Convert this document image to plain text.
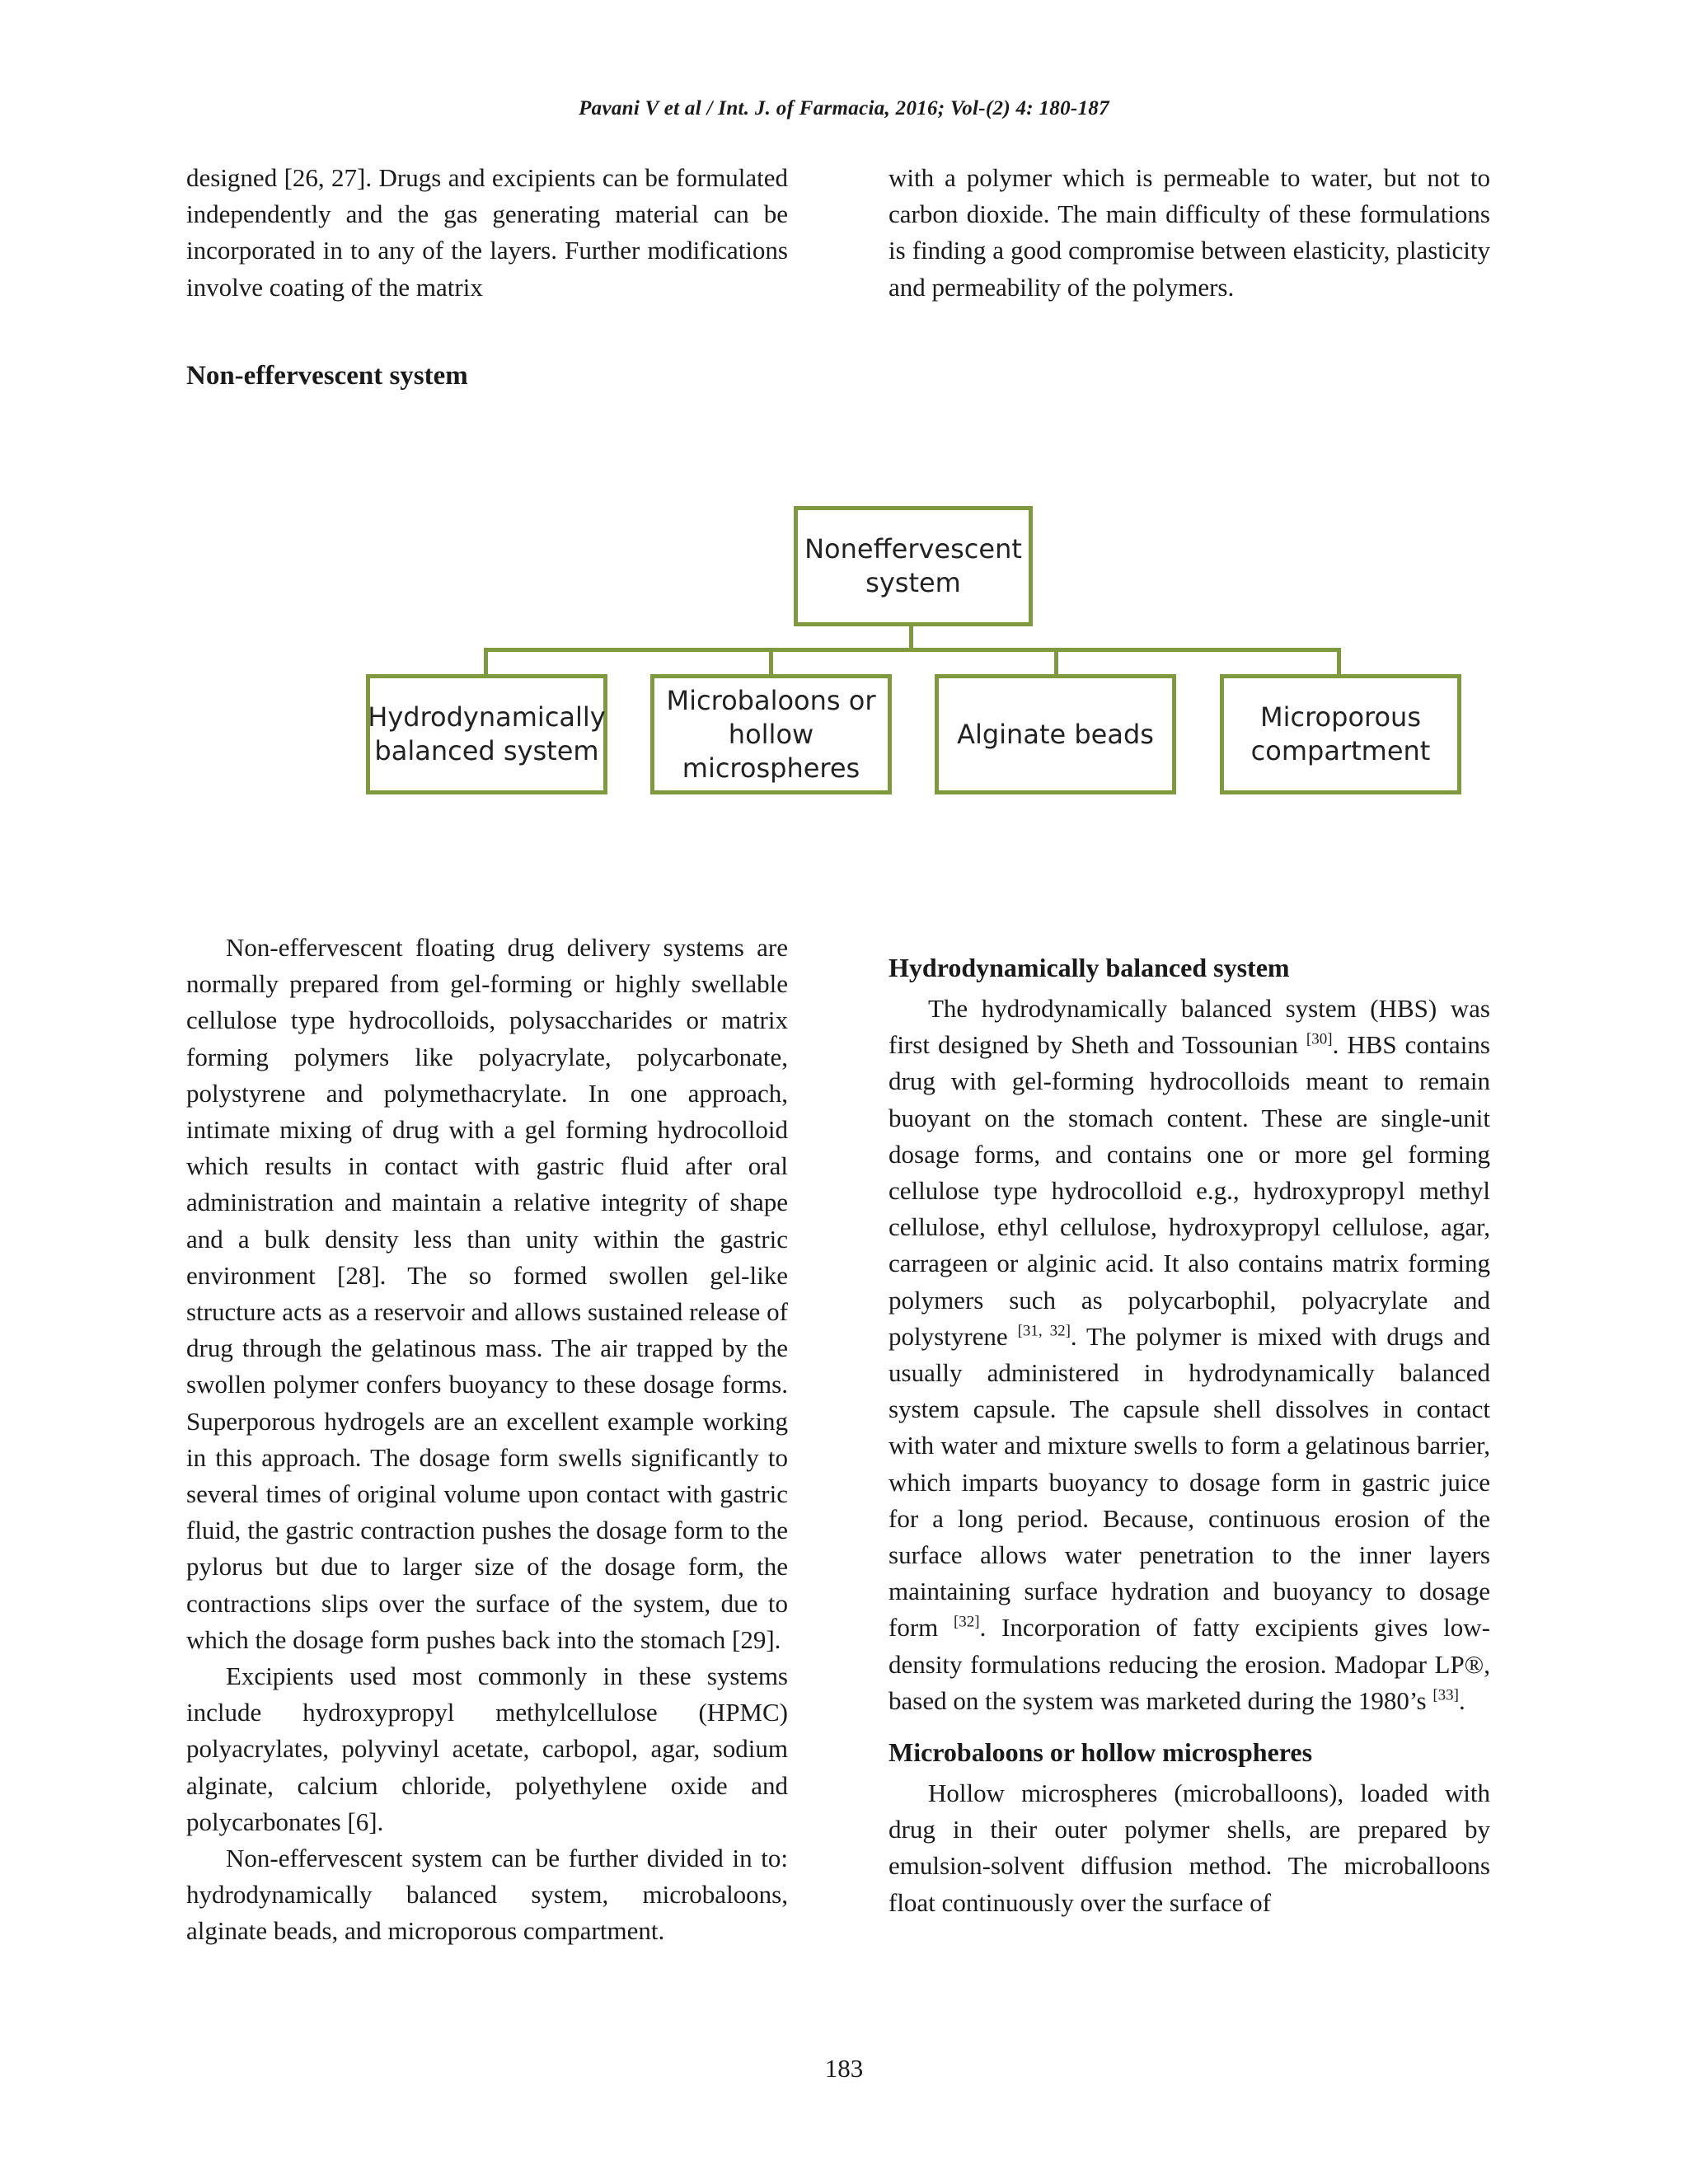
Pavani V et al / Int. J. of Farmacia, 2016; Vol-(2) 4: 180-187

designed [26, 27]. Drugs and excipients can be formulated independently and the gas generating material can be incorporated in to any of the layers. Further modifications involve coating of the matrix

with a polymer which is permeable to water, but not to carbon dioxide. The main difficulty of these formulations is finding a good compromise between elasticity, plasticity and permeability of the polymers.

Non-effervescent system
Noneffervescent system
Hydrodynamically balanced system
Microbaloons or hollow microspheres
Alginate beads
Microporous compartment

Non-effervescent floating drug delivery systems are normally prepared from gel-forming or highly swellable cellulose type hydrocolloids, polysaccharides or matrix forming polymers like polyacrylate, polycarbonate, polystyrene and polymethacrylate. In one approach, intimate mixing of drug with a gel forming hydrocolloid which results in contact with gastric fluid after oral administration and maintain a relative integrity of shape and a bulk density less than unity within the gastric environment [28]. The so formed swollen gel-like structure acts as a reservoir and allows sustained release of drug through the gelatinous mass. The air trapped by the swollen polymer confers buoyancy to these dosage forms. Superporous hydrogels are an excellent example working in this approach. The dosage form swells significantly to several times of original volume upon contact with gastric fluid, the gastric contraction pushes the dosage form to the pylorus but due to larger size of the dosage form, the contractions slips over the surface of the system, due to which the dosage form pushes back into the stomach [29].

Excipients used most commonly in these systems include hydroxypropyl methylcellulose (HPMC) polyacrylates, polyvinyl acetate, carbopol, agar, sodium alginate, calcium chloride, polyethylene oxide and polycarbonates [6].

Non-effervescent system can be further divided in to: hydrodynamically balanced system, microbaloons, alginate beads, and microporous compartment.

Hydrodynamically balanced system

The hydrodynamically balanced system (HBS) was first designed by Sheth and Tossounian [30]. HBS contains drug with gel-forming hydrocolloids meant to remain buoyant on the stomach content. These are single-unit dosage forms, and contains one or more gel forming cellulose type hydrocolloid e.g., hydroxypropyl methyl cellulose, ethyl cellulose, hydroxypropyl cellulose, agar, carrageen or alginic acid. It also contains matrix forming polymers such as polycarbophil, polyacrylate and polystyrene [31, 32]. The polymer is mixed with drugs and usually administered in hydrodynamically balanced system capsule. The capsule shell dissolves in contact with water and mixture swells to form a gelatinous barrier, which imparts buoyancy to dosage form in gastric juice for a long period. Because, continuous erosion of the surface allows water penetration to the inner layers maintaining surface hydration and buoyancy to dosage form [32]. Incorporation of fatty excipients gives low-density formulations reducing the erosion. Madopar LP®, based on the system was marketed during the 1980’s [33].

Microbaloons or hollow microspheres

Hollow microspheres (microballoons), loaded with drug in their outer polymer shells, are prepared by emulsion-solvent diffusion method. The microballoons float continuously over the surface of

183
